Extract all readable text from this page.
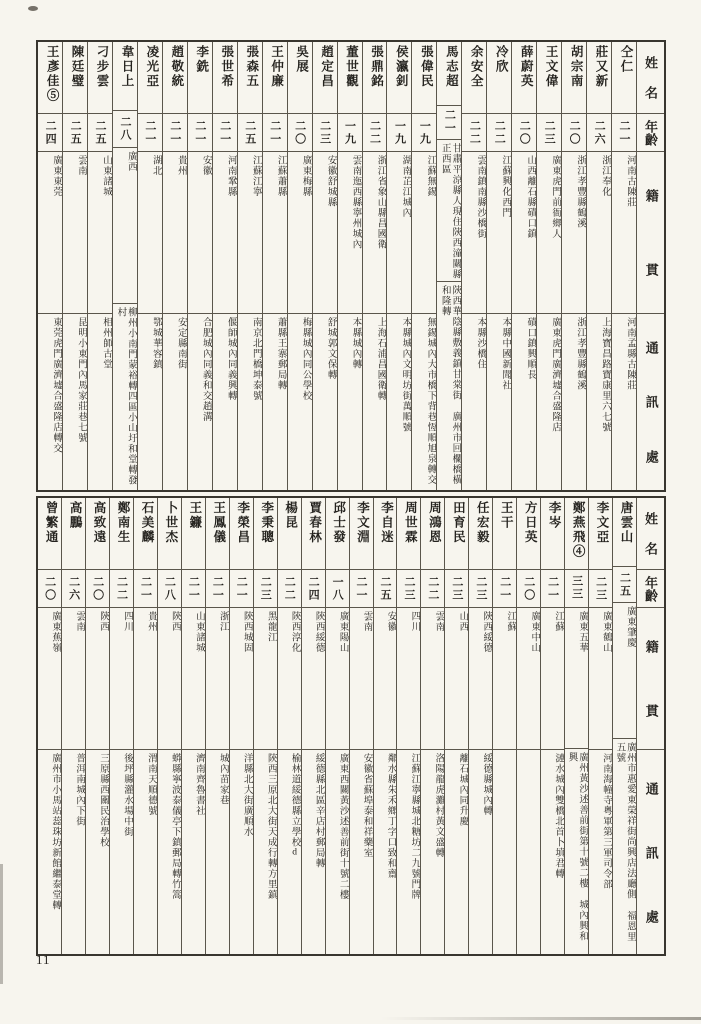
姓
名
年
齡
籍
貫
通
訊
處
仝仁
二一
河南古陳莊
河南孟縣古陳莊
莊又新
二六
浙江奉化
上海寶昌路寶康里六七號
胡宗南
二〇
浙江孝豐縣鶴溪
浙江孝豐縣鶴溪
王文偉
二三
廣東虎門前衙鄉人
廣東虎門廣濟墟合盛隆店
薛蔚英
二〇
山西離石縣磧口鎮
磧口鎮興順長
冷欣
二二
江蘇興化西門
本縣中國新聞社
余安全
二二
雲南鎮南縣沙橋街
本縣沙橋住
馬志超
二一
甘肅平涼縣人現住陝西潼關縣正西區
陝西華陰縣敷義鎮甘棠街 廣州市回欄橋橫和隆轉
張偉民
一九
江蘇無錫
無錫城內大市橋下背巷恆順旭泉轉交
侯瀛釗
一九
湖南芷江城內
本縣城內文明坊街萬順號
張鼎銘
二二
浙江省象山縣昌國衛
上海石浦昌國衛轉
董世觀
一九
雲南迤西縣寧州城內
本縣城內轉
趙定昌
二三
安徽舒城縣
舒城郭文保轉
吳展
二〇
廣東梅縣
梅縣城內同公學校
王仲廉
二一
江蘇蕭縣
蕭縣王寨郵局轉
張森五
二五
江蘇江寧
南京北門橋坤泰號
張世希
二一
河南鞏縣
偃師城內同義興轉
李銑
二一
安徽
合肥城內同義和交趙溝
趙敬統
二一
貴州
安定縣南街
凌光亞
二一
湖北
鄂城華容鎮
韋日上
二八
廣西
柳州小南門蒙裕轉四區小山圩和堂轉發村
刁步雲
二五
山東諸城
相州師古堂
陳廷璧
二五
雲南
昆明小東門內馬家莊巷七號
王彥佳⑤
二四
廣東東莞
東莞虎門廣濟墟合盛隆店轉交
姓
名
年
齡
籍
貫
通
訊
處
唐雲山
二五
廣東肇慶
廣州市惠愛東榮祥街尚興店法廳側 福恩里五號
李文亞
二三
廣東鶴山
河南海幢寺粵軍第三軍司令部
鄭燕飛④
三三
廣東五華
廣州黃沙述善前街第十號二樓 城內興和興
李岑
二一
江蘇
漣水城內雙橋北首卜填君轉
方日英
二〇
廣東中山
王干
二一
江蘇
任宏毅
二三
陝西綏德
綏德縣城內轉
田育民
二三
山西
離石城內同升慶
周鴻恩
二二
雲南
洛陽龍虎灘村黃文盛轉
周世霖
二三
四川
江蘇江寧縣城北糖坊二九號門牌
李自迷
二五
安徽
鄰水縣朱禾鄉丁字口致和齋
李文淵
二一
雲南
安徽省蘇埠泰和祥藥室
邱士發
一八
廣東陽山
廣東西關黃沙述善前街十號二樓
賈春林
二四
陝西綏德
綏德縣北區辛店村郵局轉
楊昆
二二
陝西淳化
榆林道綏德縣立學校d
李秉聰
二三
黑龍江
陝西三原北大街天成行轉方里鎮
李榮昌
二一
陝西城固
洋縣北大街廣順水
王鳳儀
二一
浙江
城內苗家巷
王鐮
二一
山東諸城
濟南齊魯書社
卜世杰
二八
陝西
蟒縣寧波泰儀亭下鎮郵局轉竹篙
石美麟
二一
貴州
渭南天順德號
鄭南生
二二
四川
後坪縣灌水場中街
高致遠
二〇
陝西
三原縣西關民治學校
高鵬
二六
雲南
普洱南城內下街
曾繁通
二〇
廣東蕉嶺
廣州市小馬站蕊珠坊新館繼泰堂轉
11
